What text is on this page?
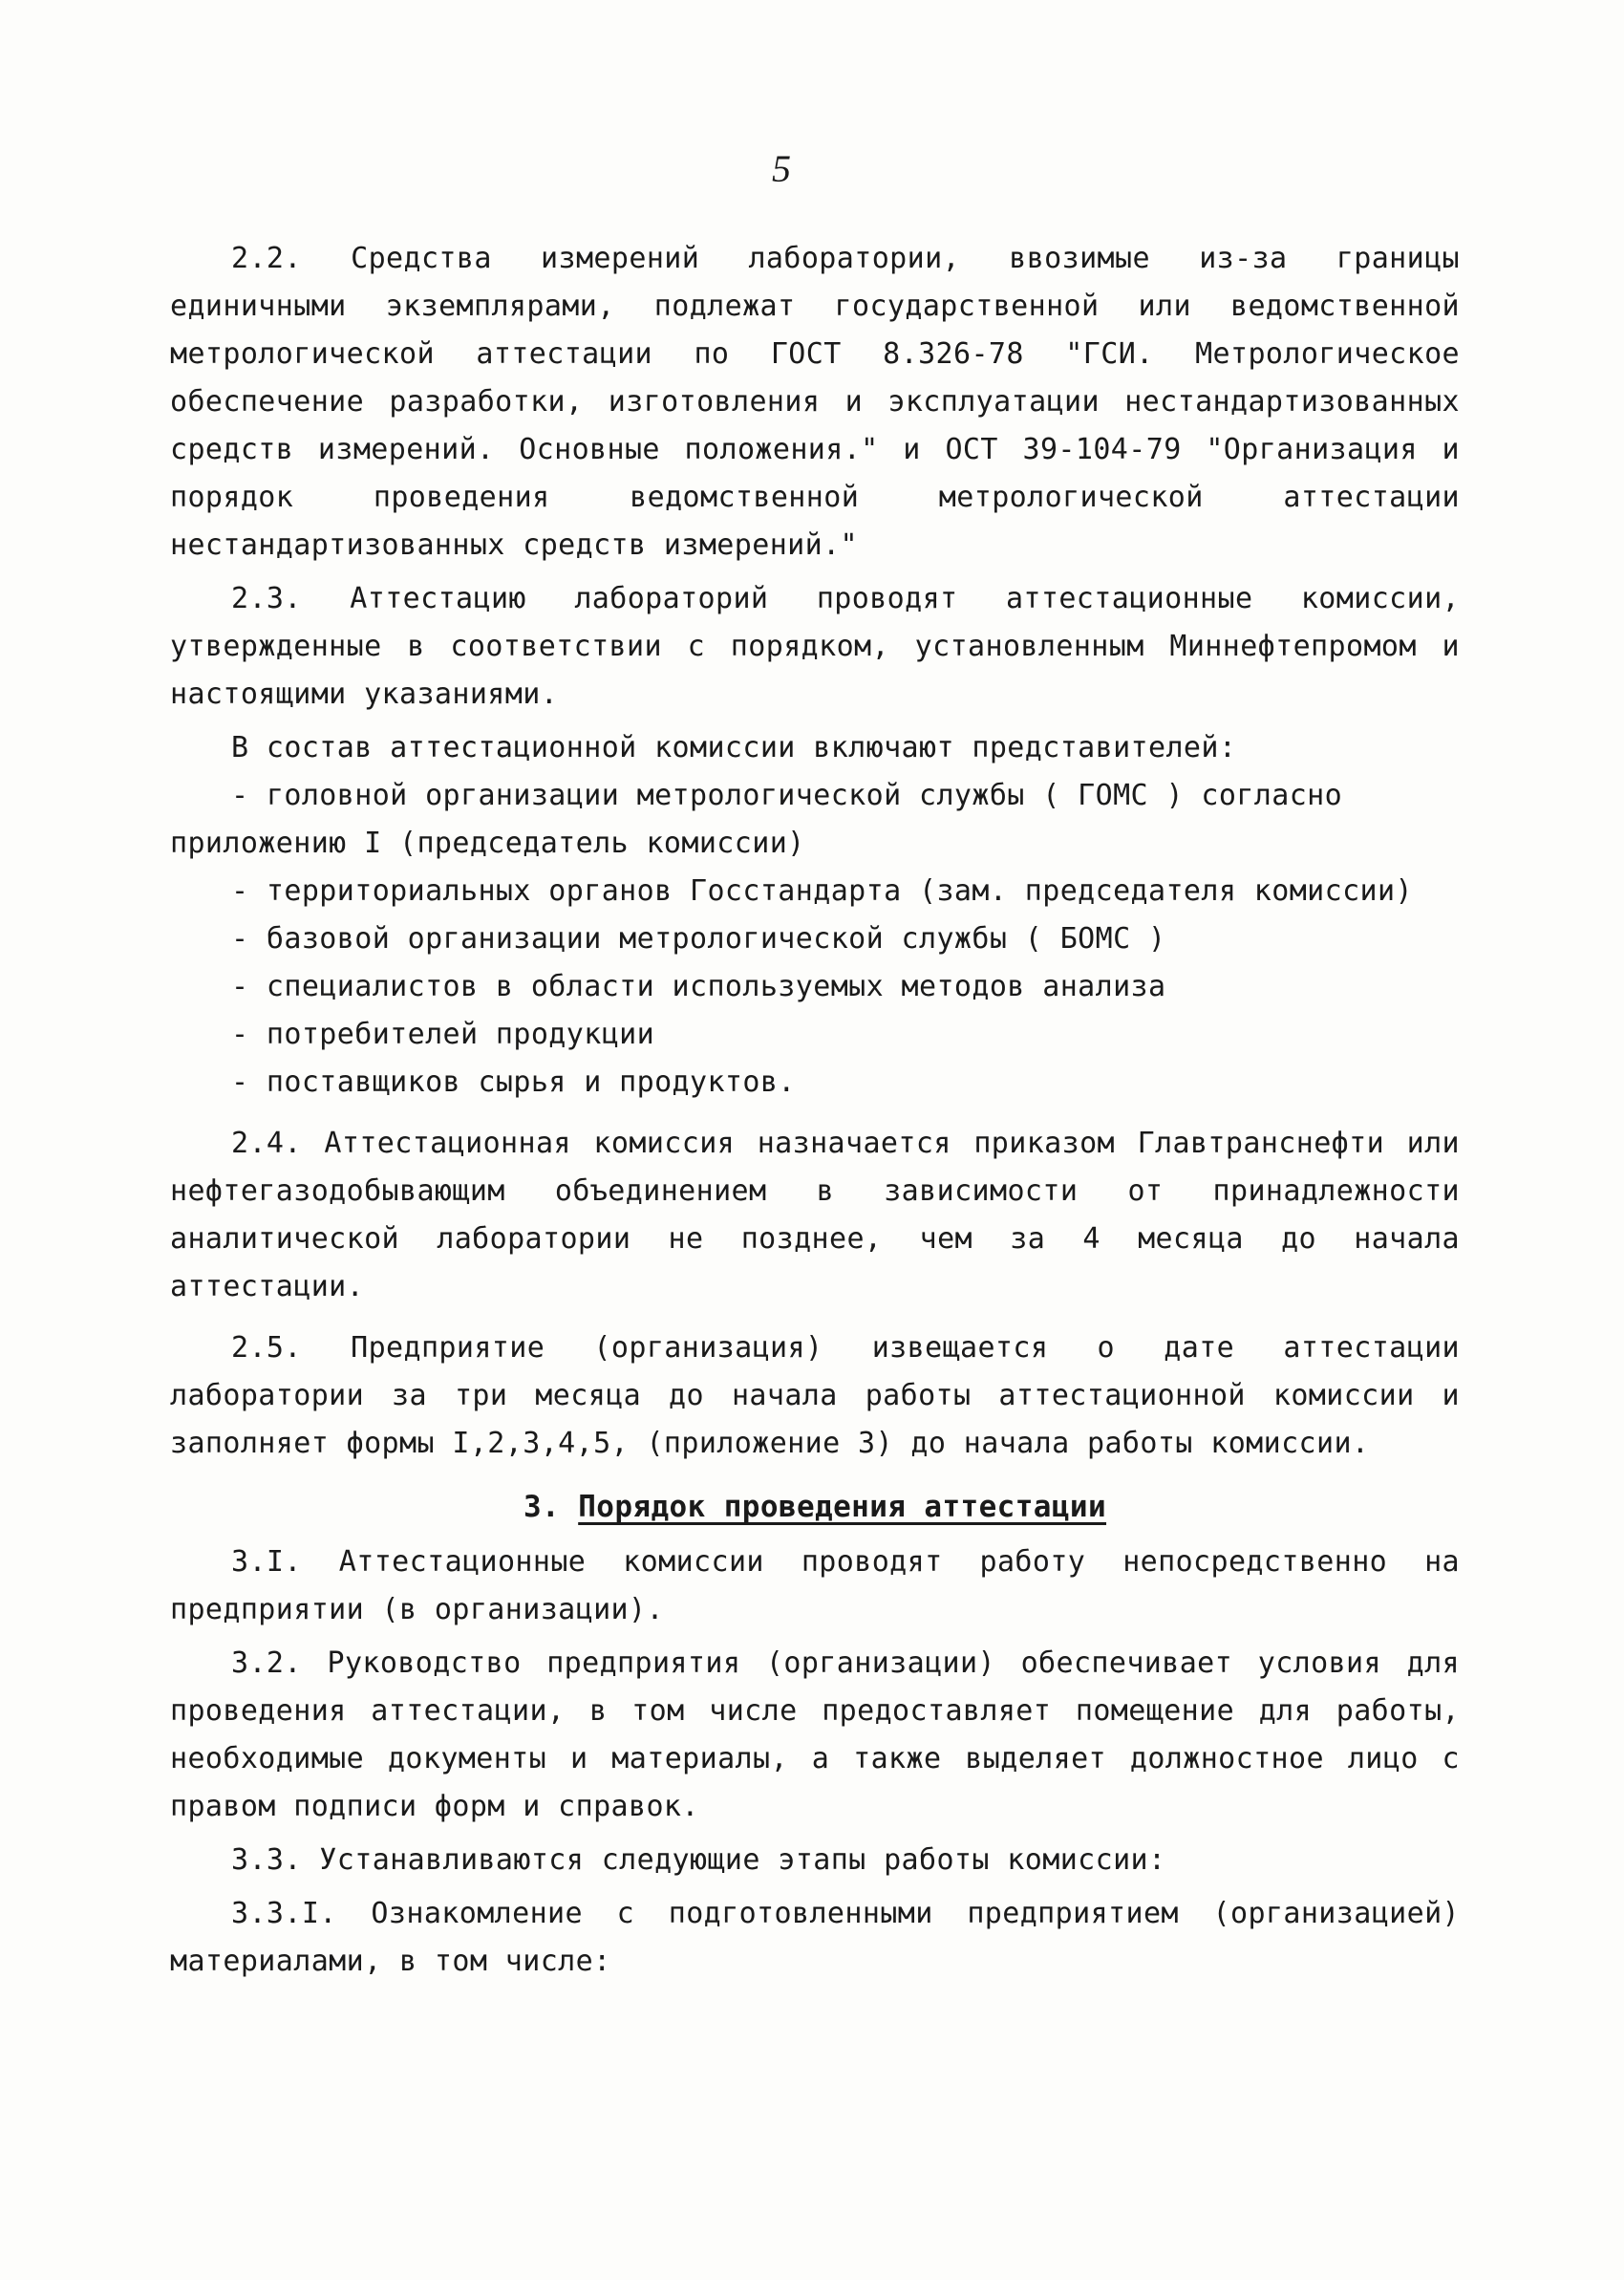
5

2.2. Средства измерений лаборатории, ввозимые из-за границы единичными экземплярами, подлежат государственной или ведомственной метрологической аттестации по ГОСТ 8.326-78 "ГСИ. Метрологическое обеспечение разработки, изготовления и эксплуатации нестандартизованных средств измерений. Основные положения." и ОСТ 39-104-79 "Организация и порядок проведения ведомственной метрологической аттестации нестандартизованных средств измерений."

2.3. Аттестацию лабораторий проводят аттестационные комиссии, утвержденные в соответствии с порядком, установленным Миннефтепромом и настоящими указаниями.

В состав аттестационной комиссии включают представителей:

- головной организации метрологической службы ( ГОМС ) согласно приложению I (председатель комиссии)
- территориальных органов Госстандарта (зам. председателя комиссии)
- базовой организации метрологической службы ( БОМС )
- специалистов в области используемых методов анализа
- потребителей продукции
- поставщиков сырья и продуктов.

2.4. Аттестационная комиссия назначается приказом Главтранснефти или нефтегазодобывающим объединением в зависимости от принадлежности аналитической лаборатории не позднее, чем за 4 месяца до начала аттестации.

2.5. Предприятие (организация) извещается о дате аттестации лаборатории за три месяца до начала работы аттестационной комиссии и заполняет формы I,2,3,4,5, (приложение 3) до начала работы комиссии.

3. Порядок проведения аттестации

3.I. Аттестационные комиссии проводят работу непосредственно на предприятии (в организации).

3.2. Руководство предприятия (организации) обеспечивает условия для проведения аттестации, в том числе предоставляет помещение для работы, необходимые документы и материалы, а также выделяет должностное лицо с правом подписи форм и справок.

3.3. Устанавливаются следующие этапы работы комиссии:

3.3.I. Ознакомление с подготовленными предприятием (организацией) материалами, в том числе:
